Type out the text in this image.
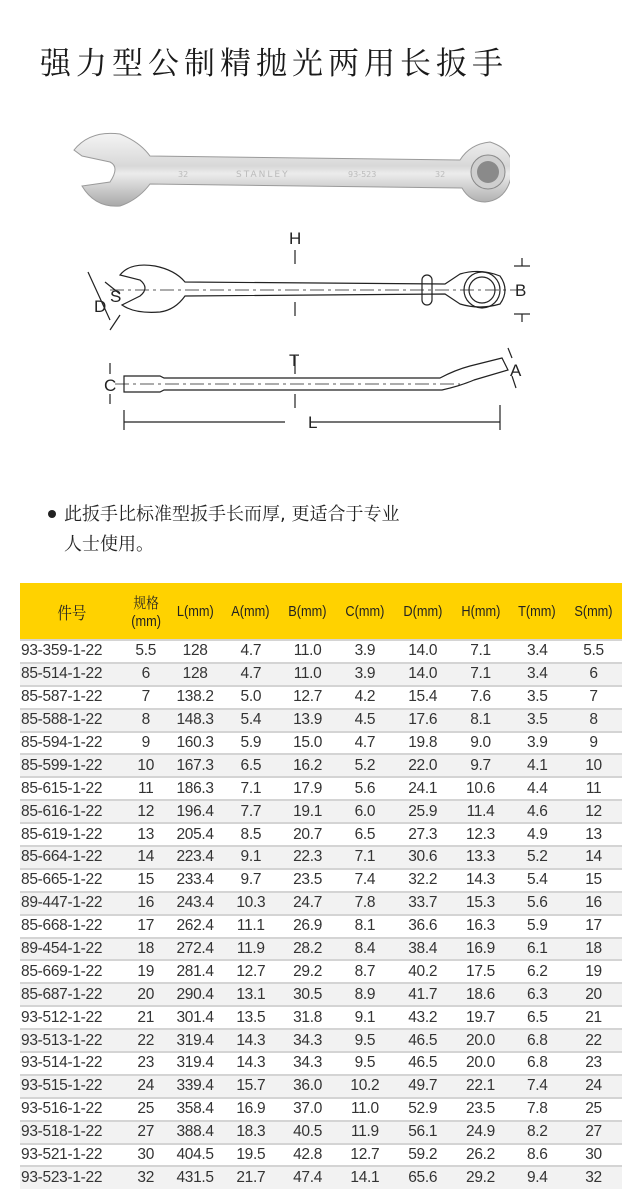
强力型公制精抛光两用长扳手
32	STANLEY	93-523	32
H
B
S
D
T
C
A
L
此扳手比标准型扳手长而厚, 更适合于专业
人士使用。
件号	规格
(mm)	L(mm)	A(mm)	B(mm)	C(mm)	D(mm)	H(mm)	T(mm)	S(mm)
93-359-1-22	5.5	128	4.7	11.0	3.9	14.0	7.1	3.4	5.5
85-514-1-22	6	128	4.7	11.0	3.9	14.0	7.1	3.4	6
85-587-1-22	7	138.2	5.0	12.7	4.2	15.4	7.6	3.5	7
85-588-1-22	8	148.3	5.4	13.9	4.5	17.6	8.1	3.5	8
85-594-1-22	9	160.3	5.9	15.0	4.7	19.8	9.0	3.9	9
85-599-1-22	10	167.3	6.5	16.2	5.2	22.0	9.7	4.1	10
85-615-1-22	11	186.3	7.1	17.9	5.6	24.1	10.6	4.4	11
85-616-1-22	12	196.4	7.7	19.1	6.0	25.9	11.4	4.6	12
85-619-1-22	13	205.4	8.5	20.7	6.5	27.3	12.3	4.9	13
85-664-1-22	14	223.4	9.1	22.3	7.1	30.6	13.3	5.2	14
85-665-1-22	15	233.4	9.7	23.5	7.4	32.2	14.3	5.4	15
89-447-1-22	16	243.4	10.3	24.7	7.8	33.7	15.3	5.6	16
85-668-1-22	17	262.4	11.1	26.9	8.1	36.6	16.3	5.9	17
89-454-1-22	18	272.4	11.9	28.2	8.4	38.4	16.9	6.1	18
85-669-1-22	19	281.4	12.7	29.2	8.7	40.2	17.5	6.2	19
85-687-1-22	20	290.4	13.1	30.5	8.9	41.7	18.6	6.3	20
93-512-1-22	21	301.4	13.5	31.8	9.1	43.2	19.7	6.5	21
93-513-1-22	22	319.4	14.3	34.3	9.5	46.5	20.0	6.8	22
93-514-1-22	23	319.4	14.3	34.3	9.5	46.5	20.0	6.8	23
93-515-1-22	24	339.4	15.7	36.0	10.2	49.7	22.1	7.4	24
93-516-1-22	25	358.4	16.9	37.0	11.0	52.9	23.5	7.8	25
93-518-1-22	27	388.4	18.3	40.5	11.9	56.1	24.9	8.2	27
93-521-1-22	30	404.5	19.5	42.8	12.7	59.2	26.2	8.6	30
93-523-1-22	32	431.5	21.7	47.4	14.1	65.6	29.2	9.4	32
